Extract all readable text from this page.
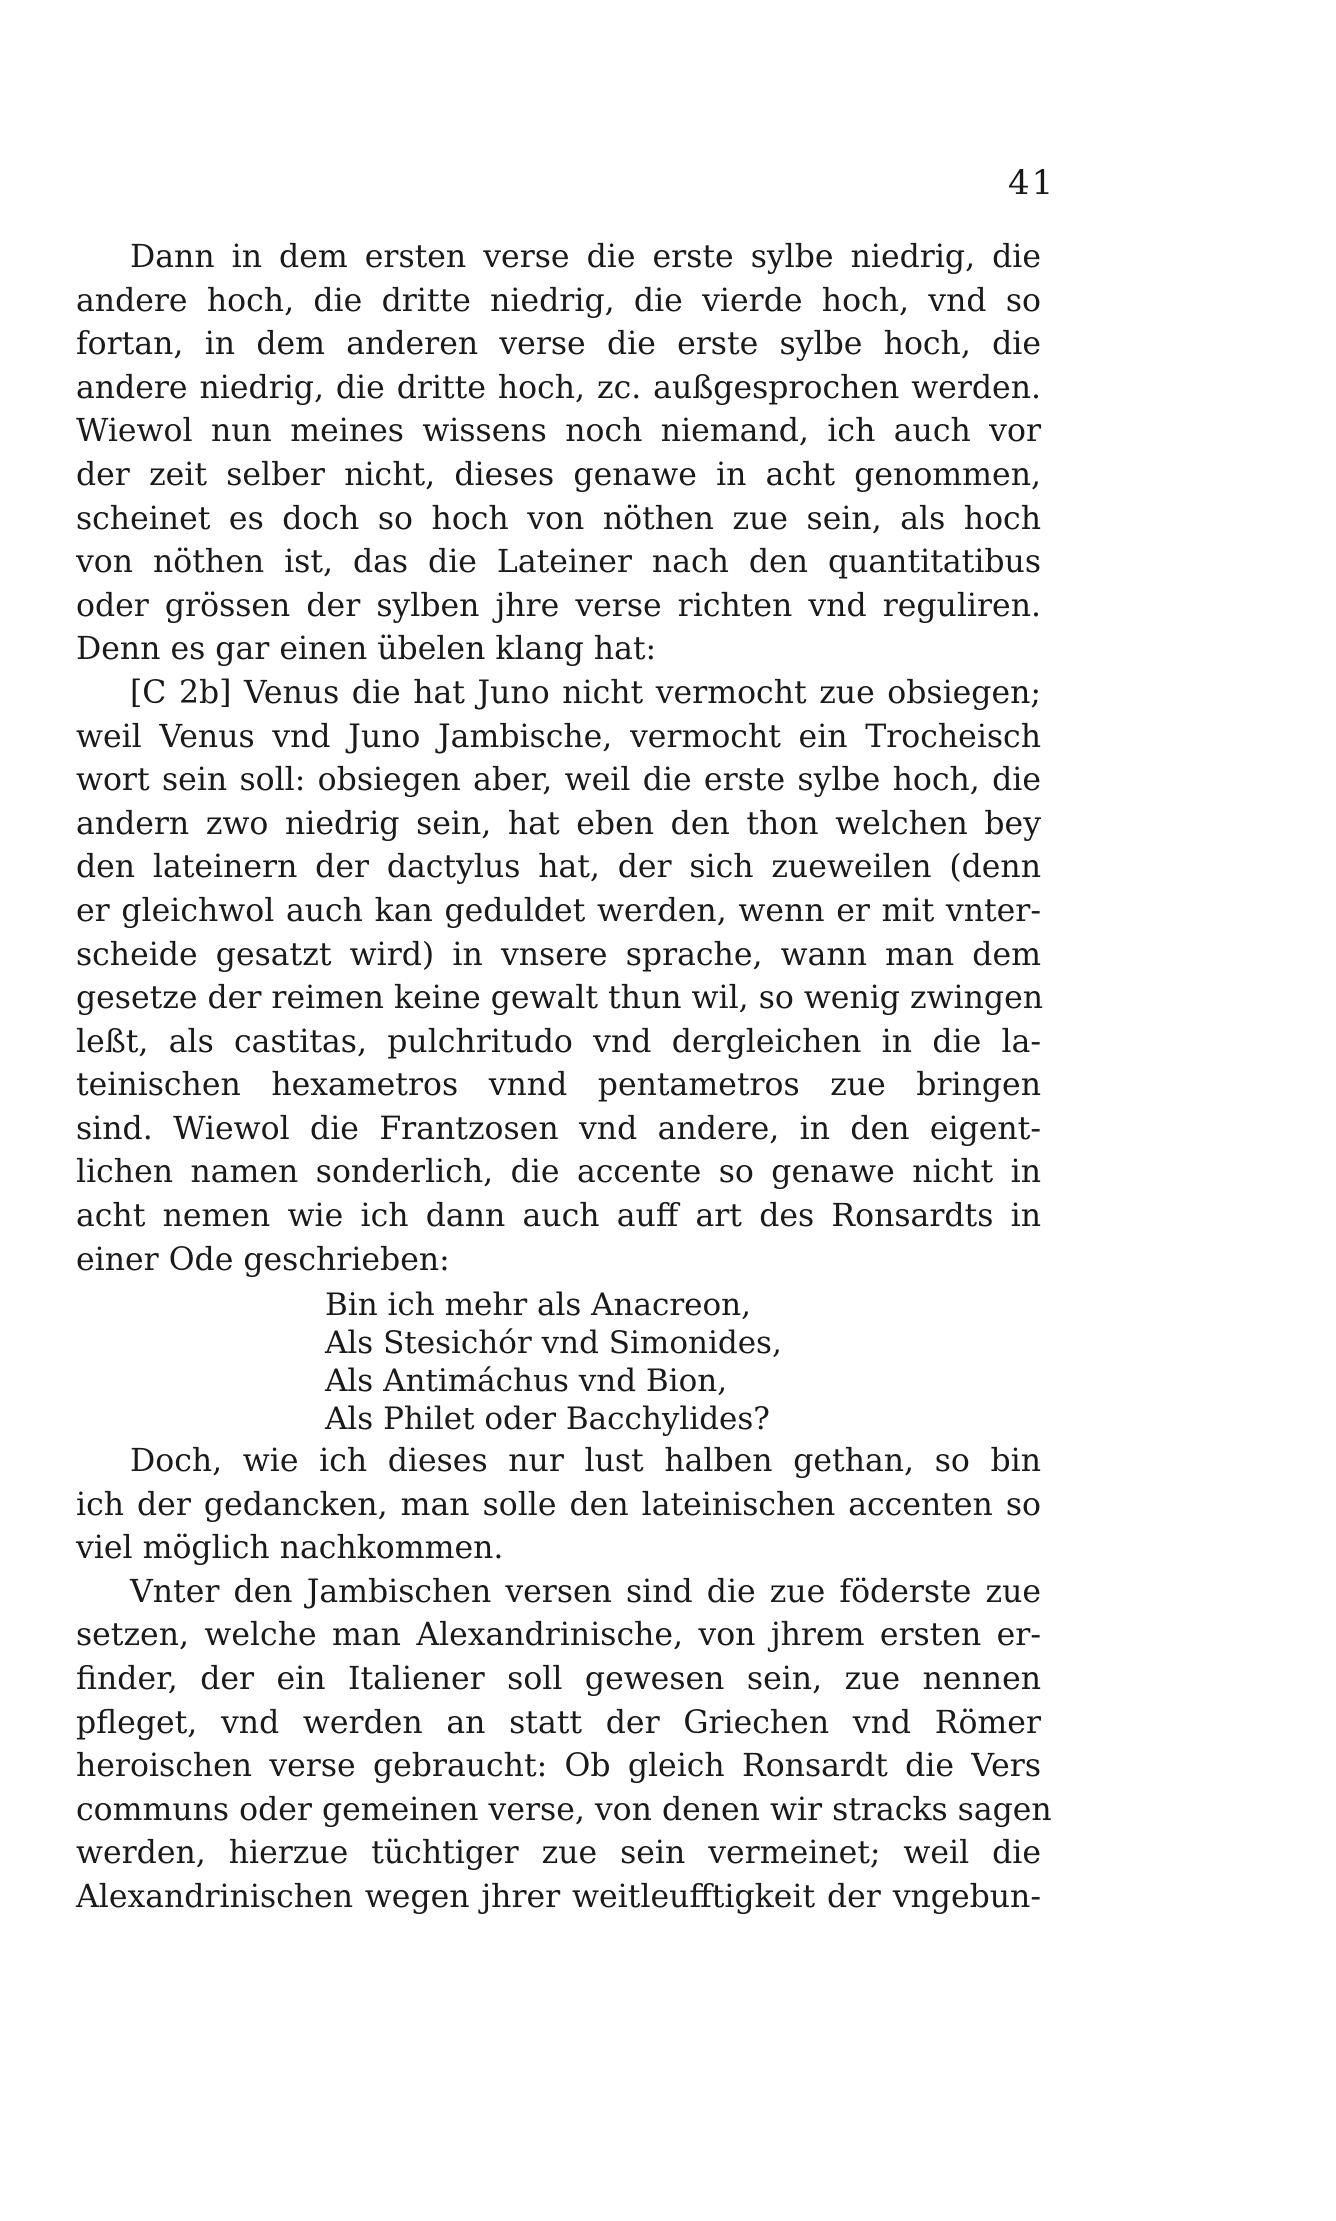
41
Dann in dem ersten verse die erste sylbe niedrig, die
andere hoch, die dritte niedrig, die vierde hoch, vnd so
fortan, in dem anderen verse die erste sylbe hoch, die
andere niedrig, die dritte hoch, zc. außgesprochen werden.
Wiewol nun meines wissens noch niemand, ich auch vor
der zeit selber nicht, dieses genawe in acht genommen,
scheinet es doch so hoch von nöthen zue sein, als hoch
von nöthen ist, das die Lateiner nach den quantitatibus
oder grössen der sylben jhre verse richten vnd reguliren.
Denn es gar einen übelen klang hat:
[C 2b] Venus die hat Juno nicht vermocht zue obsiegen;
weil Venus vnd Juno Jambische, vermocht ein Trocheisch
wort sein soll: obsiegen aber, weil die erste sylbe hoch, die
andern zwo niedrig sein, hat eben den thon welchen bey
den lateinern der dactylus hat, der sich zueweilen (denn
er gleichwol auch kan geduldet werden, wenn er mit vnter-
scheide gesatzt wird) in vnsere sprache, wann man dem
gesetze der reimen keine gewalt thun wil, so wenig zwingen
leßt, als castitas, pulchritudo vnd dergleichen in die la-
teinischen hexametros vnnd pentametros zue bringen
sind. Wiewol die Frantzosen vnd andere, in den eigent-
lichen namen sonderlich, die accente so genawe nicht in
acht nemen wie ich dann auch auff art des Ronsardts in
einer Ode geschrieben:
Bin ich mehr als Anacreon,
Als Stesichór vnd Simonides,
Als Antimáchus vnd Bion,
Als Philet oder Bacchylides?
Doch, wie ich dieses nur lust halben gethan, so bin
ich der gedancken, man solle den lateinischen accenten so
viel möglich nachkommen.
Vnter den Jambischen versen sind die zue föderste zue
setzen, welche man Alexandrinische, von jhrem ersten er-
finder, der ein Italiener soll gewesen sein, zue nennen
pfleget, vnd werden an statt der Griechen vnd Römer
heroischen verse gebraucht: Ob gleich Ronsardt die Vers
communs oder gemeinen verse, von denen wir stracks sagen
werden, hierzue tüchtiger zue sein vermeinet; weil die
Alexandrinischen wegen jhrer weitleufftigkeit der vngebun-
